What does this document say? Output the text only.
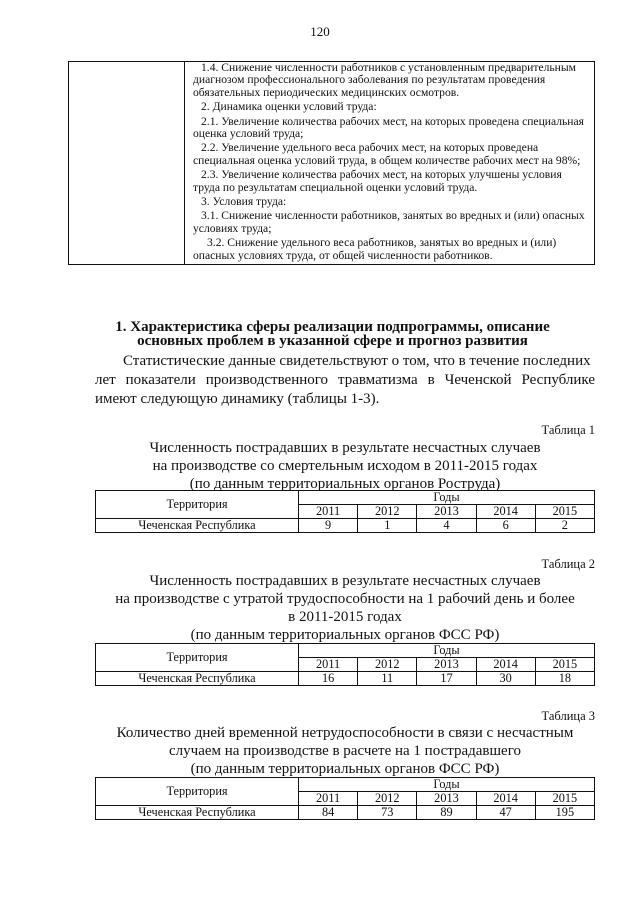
120

1.4. Снижение численности работников с установленным предварительным диагнозом профессионального заболевания по результатам проведения обязательных периодических медицинских осмотров.
2. Динамика оценки условий труда:
2.1. Увеличение количества рабочих мест, на которых проведена специальная оценка условий труда;
2.2. Увеличение удельного веса рабочих мест, на которых проведена специальная оценка условий труда, в общем количестве рабочих мест на 98%;
2.3. Увеличение количества рабочих мест, на которых улучшены условия труда по результатам специальной оценки условий труда.
3. Условия труда:
3.1. Снижение численности работников, занятых во вредных и (или) опасных условиях труда;
3.2. Снижение удельного веса работников, занятых во вредных и (или) опасных условиях труда, от общей численности работников.
1. Характеристика сферы реализации подпрограммы, описание
основных проблем в указанной сфере и прогноз развития
Статистические данные свидетельствуют о том, что в течение последних
лет показатели производственного травматизма в Чеченской Республике
имеют следующую динамику (таблицы 1-3).
Таблица 1
Численность пострадавших в результате несчастных случаев
на производстве со смертельным исходом в 2011-2015 годах
(по данным территориальных органов Роструда)
Территория	Годы				
	2011	2012	2013	2014	2015
Чеченская Республика	9	1	4	6	2
Таблица 2
Численность пострадавших в результате несчастных случаев
на производстве с утратой трудоспособности на 1 рабочий день и более
в 2011-2015 годах
(по данным территориальных органов ФСС РФ)
Территория	Годы				
	2011	2012	2013	2014	2015
Чеченская Республика	16	11	17	30	18
Таблица 3
Количество дней временной нетрудоспособности в связи с несчастным
случаем на производстве в расчете на 1 пострадавшего
(по данным территориальных органов ФСС РФ)
Территория	Годы				
	2011	2012	2013	2014	2015
Чеченская Республика	84	73	89	47	195
